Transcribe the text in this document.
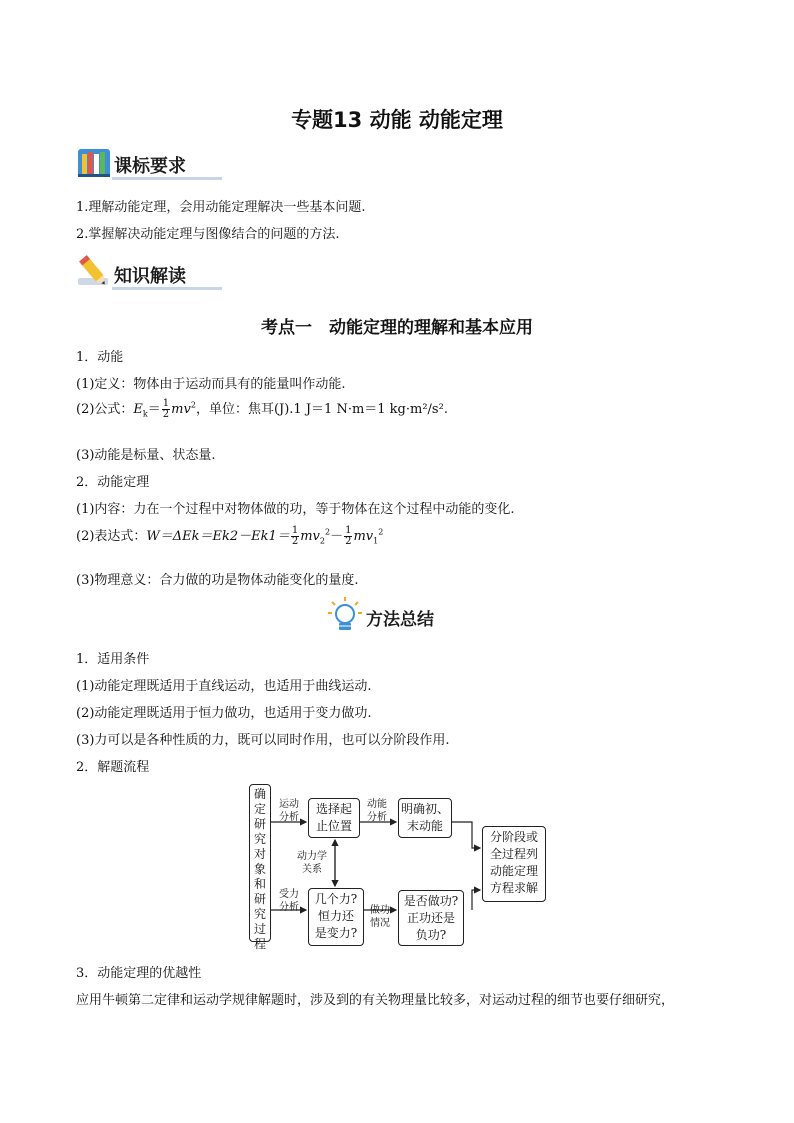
专题13 动能 动能定理
课标要求
1.理解动能定理，会用动能定理解决一些基本问题.
2.掌握解决动能定理与图像结合的问题的方法.
知识解读
考点一　动能定理的理解和基本应用
1．动能
(1)定义：物体由于运动而具有的能量叫作动能.
(2)公式：$E_k= \frac{1}{2} mv^2$，单位：焦耳(J).1 J＝1 N·m＝1 kg·m²/s².
(3)动能是标量、状态量.
2．动能定理
(1)内容：力在一个过程中对物体做的功，等于物体在这个过程中动能的变化.
(2)表达式：$W=\Delta Ek=Ek2-Ek1= \frac{1}{2} mv_2^2- \frac{1}{2} mv_1^2$
(3)物理意义：合力做的功是物体动能变化的量度.
方法总结
1．适用条件
(1)动能定理既适用于直线运动，也适用于曲线运动.
(2)动能定理既适用于恒力做功，也适用于变力做功.
(3)力可以是各种性质的力，既可以同时作用，也可以分阶段作用.
2．解题流程
确定研究对象和研究过程
运动
分析
选择起
止位置
动能
分析
明确初、
末动能
动力学
关系
受力
分析
几个力?
恒力还
是变力?
做功
情况
是否做功?
正功还是
负功?
分阶段或
全过程列
动能定理
方程求解
3．动能定理的优越性
应用牛顿第二定律和运动学规律解题时，涉及到的有关物理量比较多，对运动过程的细节也要仔细研究，
